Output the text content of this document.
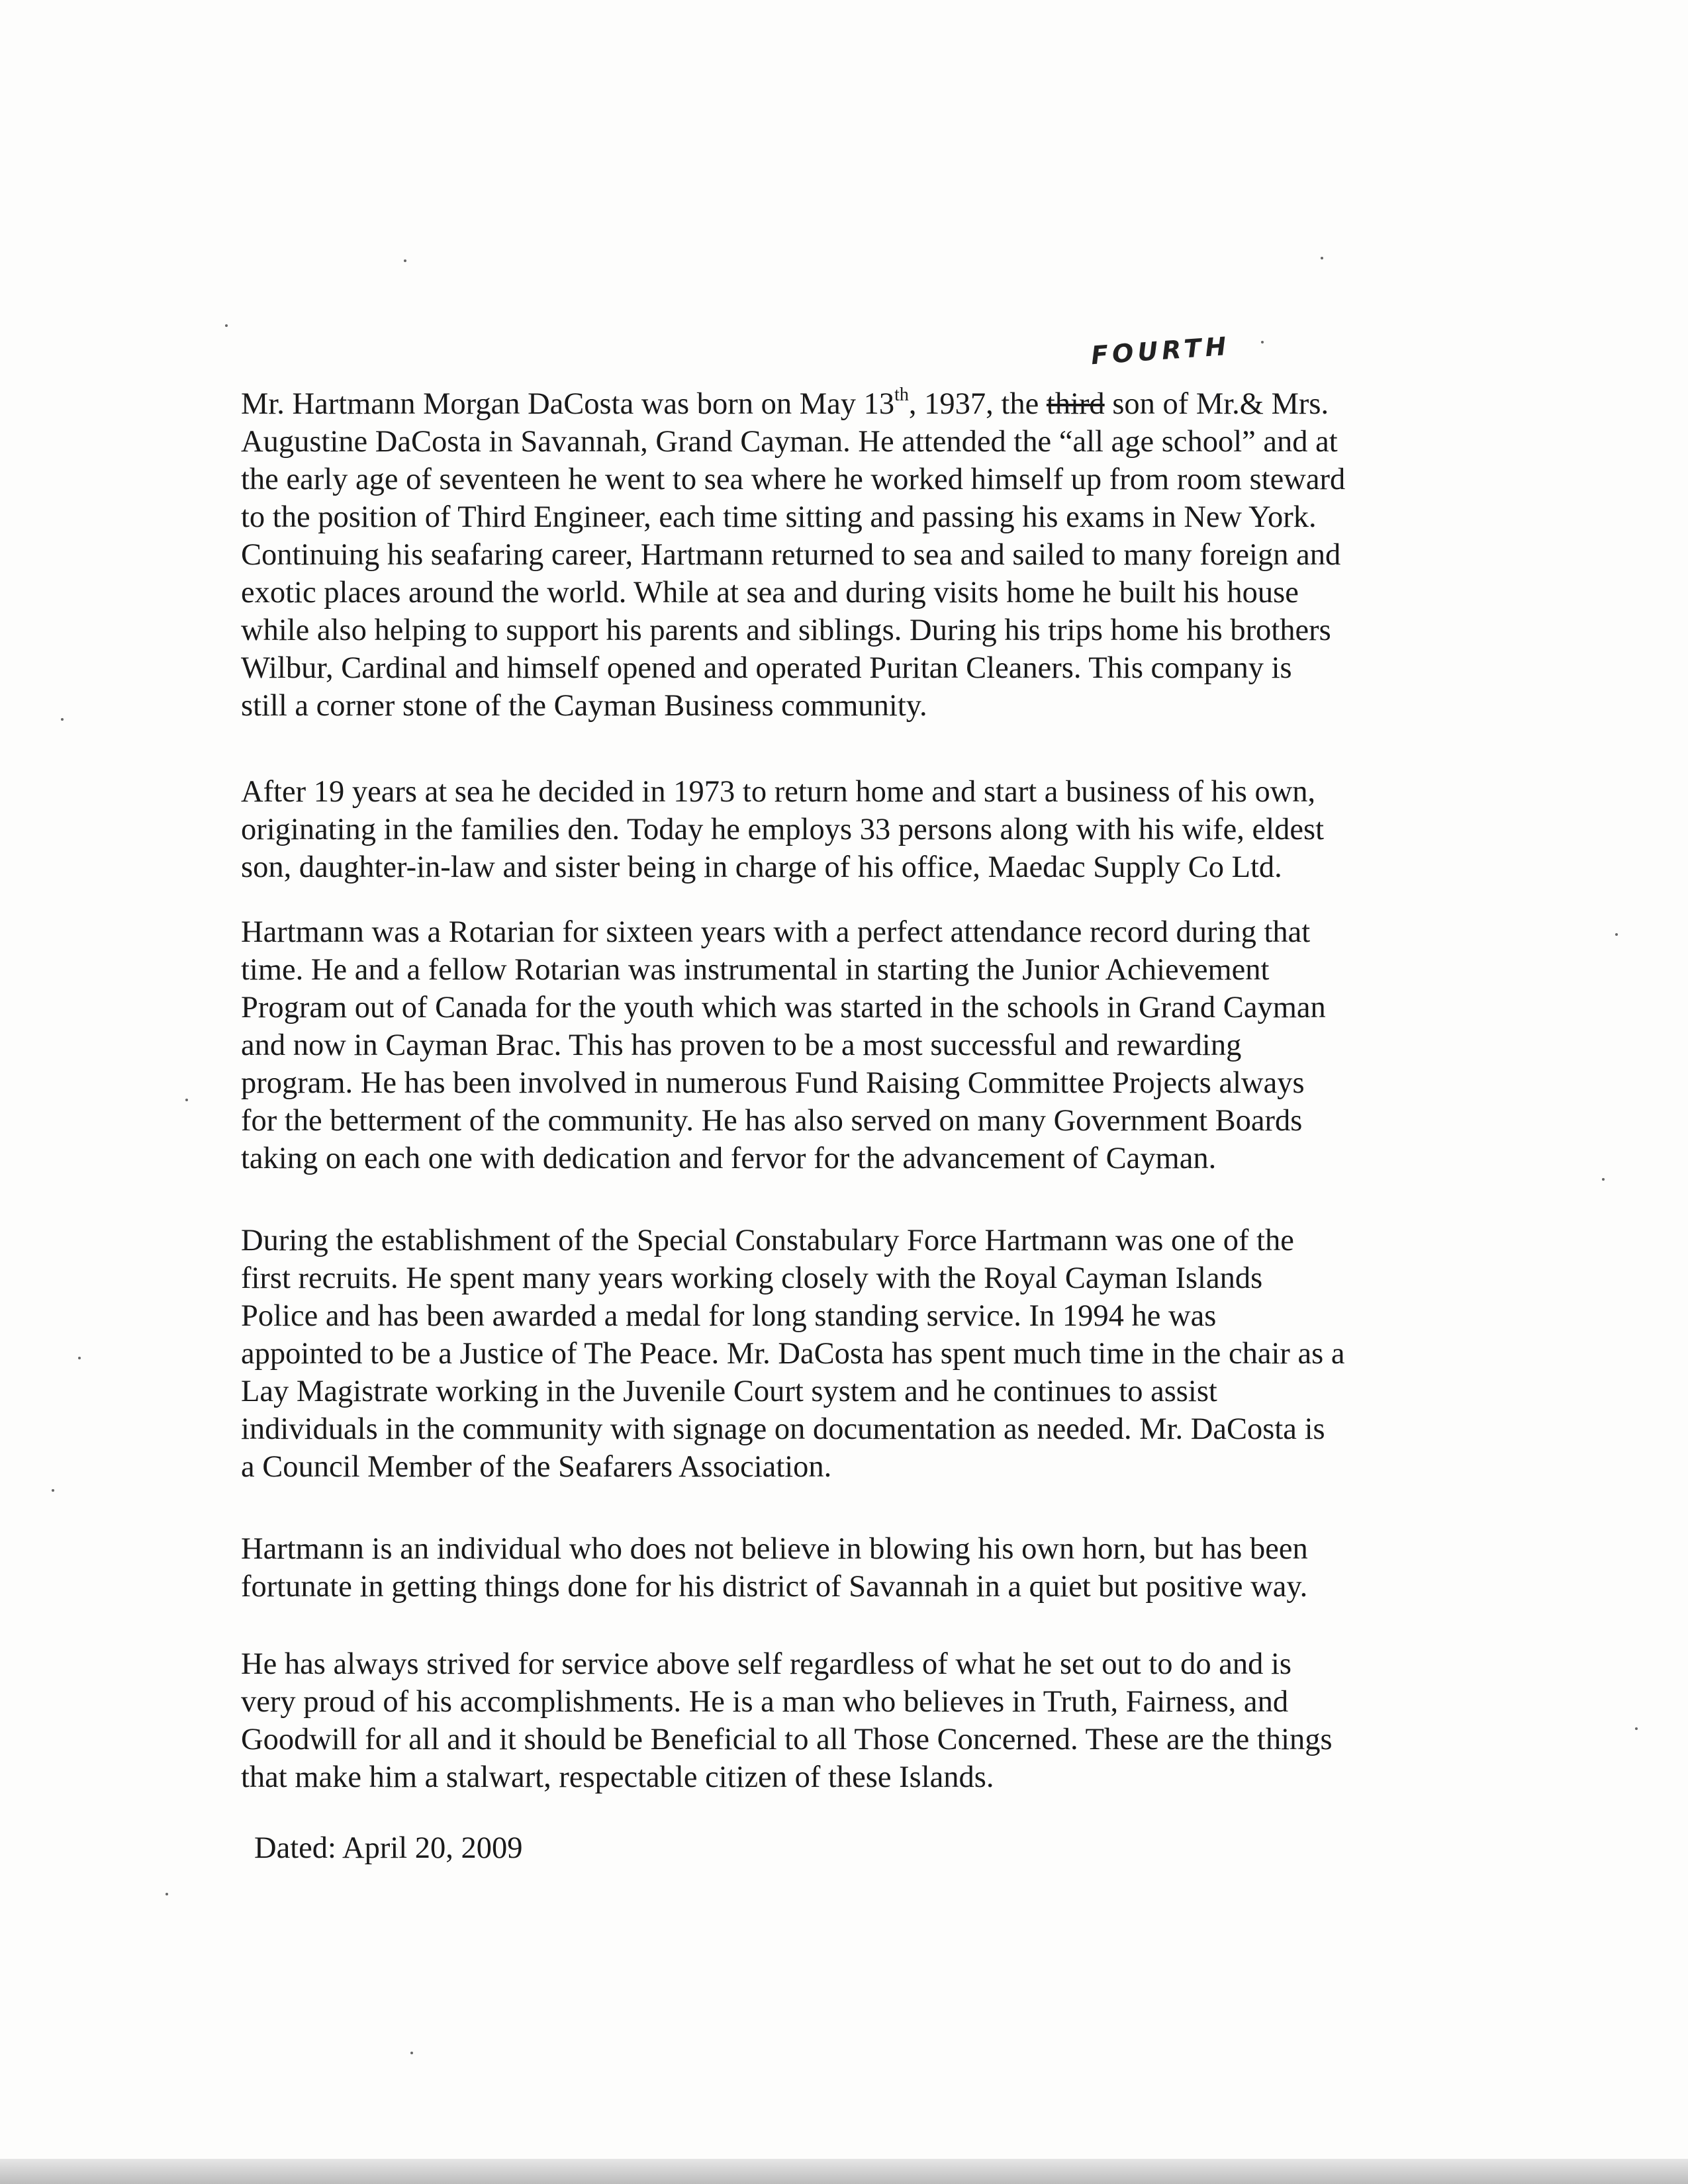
FOURTH

Mr. Hartmann Morgan DaCosta was born on May 13th, 1937, the third son of Mr.& Mrs.
Augustine DaCosta in Savannah, Grand Cayman. He attended the “all age school” and at
the early age of seventeen he went to sea where he worked himself up from room steward
to the position of Third Engineer, each time sitting and passing his exams in New York.
Continuing his seafaring career, Hartmann returned to sea and sailed to many foreign and
exotic places around the world. While at sea and during visits home he built his house
while also helping to support his parents and siblings. During his trips home his brothers
Wilbur, Cardinal and himself opened and operated Puritan Cleaners. This company is
still a corner stone of the Cayman Business community.

After 19 years at sea he decided in 1973 to return home and start a business of his own,
originating in the families den. Today he employs 33 persons along with his wife, eldest
son, daughter-in-law and sister being in charge of his office, Maedac Supply Co Ltd.

Hartmann was a Rotarian for sixteen years with a perfect attendance record during that
time. He and a fellow Rotarian was instrumental in starting the Junior Achievement
Program out of Canada for the youth which was started in the schools in Grand Cayman
and now in Cayman Brac. This has proven to be a most successful and rewarding
program. He has been involved in numerous Fund Raising Committee Projects always
for the betterment of the community. He has also served on many Government Boards
taking on each one with dedication and fervor for the advancement of Cayman.

During the establishment of the Special Constabulary Force Hartmann was one of the
first recruits. He spent many years working closely with the Royal Cayman Islands
Police and has been awarded a medal for long standing service. In 1994 he was
appointed to be a Justice of The Peace. Mr. DaCosta has spent much time in the chair as a
Lay Magistrate working in the Juvenile Court system and he continues to assist
individuals in the community with signage on documentation as needed. Mr. DaCosta is
a Council Member of the Seafarers Association.

Hartmann is an individual who does not believe in blowing his own horn, but has been
fortunate in getting things done for his district of Savannah in a quiet but positive way.

He has always strived for service above self regardless of what he set out to do and is
very proud of his accomplishments. He is a man who believes in Truth, Fairness, and
Goodwill for all and it should be Beneficial to all Those Concerned. These are the things
that make him a stalwart, respectable citizen of these Islands.

Dated: April 20, 2009
